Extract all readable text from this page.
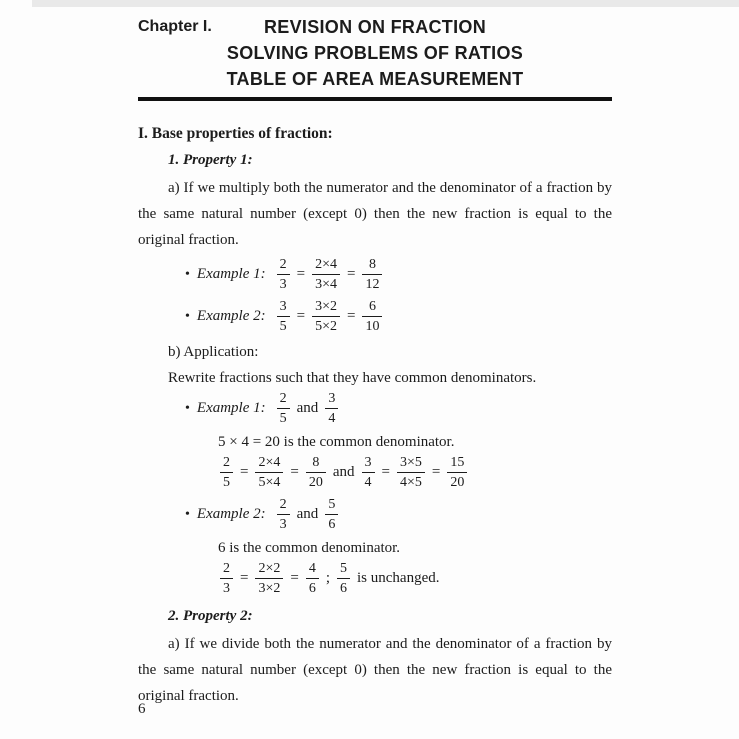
Chapter I.	REVISION ON FRACTION
SOLVING PROBLEMS OF RATIOS
TABLE OF AREA MEASUREMENT
I. Base properties of fraction:
1. Property 1:
a) If we multiply both the numerator and the denominator of a fraction by the same natural number (except 0) then the new fraction is equal to the original fraction.
• Example 1: $\frac{2}{3} = \frac{2\times 4}{3\times 4} = \frac{8}{12}$
• Example 2: $\frac{3}{5} = \frac{3\times 2}{5\times 2} = \frac{6}{10}$
b) Application:
Rewrite fractions such that they have common denominators.
• Example 1: $\frac{2}{5}$ and $\frac{3}{4}$
5 × 4 = 20 is the common denominator.
$\frac{2}{5} = \frac{2\times 4}{5\times 4} = \frac{8}{20}$ and $\frac{3}{4} = \frac{3\times 5}{4\times 5} = \frac{15}{20}$
• Example 2: $\frac{2}{3}$ and $\frac{5}{6}$
6 is the common denominator.
$\frac{2}{3} = \frac{2\times 2}{3\times 2} = \frac{4}{6}$ ; $\frac{5}{6}$ is unchanged.
2. Property 2:
a) If we divide both the numerator and the denominator of a fraction by the same natural number (except 0) then the new fraction is equal to the original fraction.
6
